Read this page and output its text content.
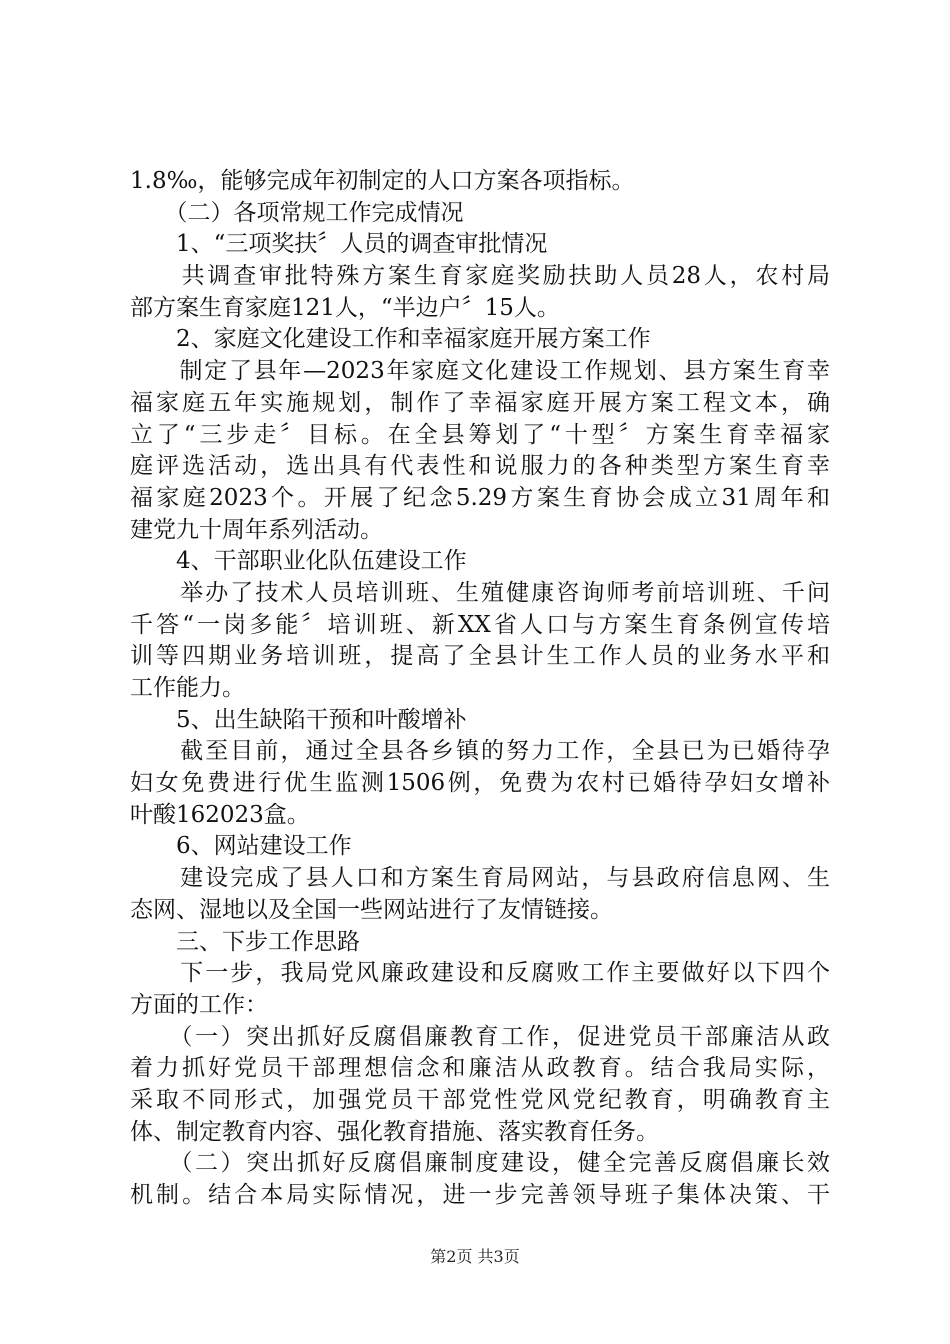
1.8‰，能够完成年初制定的人口方案各项指标。
　　（二）各项常规工作完成情况
　　1、“三项奖扶〞人员的调查审批情况
　　共调查审批特殊方案生育家庭奖励扶助人员28人，农村局
部方案生育家庭121人，“半边户〞15人。
　　2、家庭文化建设工作和幸福家庭开展方案工作
　　制定了县年—2023年家庭文化建设工作规划、县方案生育幸
福家庭五年实施规划，制作了幸福家庭开展方案工程文本，确
立了“三步走〞目标。在全县筹划了“十型〞方案生育幸福家
庭评选活动，选出具有代表性和说服力的各种类型方案生育幸
福家庭2023个。开展了纪念5.29方案生育协会成立31周年和
建党九十周年系列活动。
　　4、干部职业化队伍建设工作
　　举办了技术人员培训班、生殖健康咨询师考前培训班、千问
千答“一岗多能〞培训班、新XX省人口与方案生育条例宣传培
训等四期业务培训班，提高了全县计生工作人员的业务水平和
工作能力。
　　5、出生缺陷干预和叶酸增补
　　截至目前，通过全县各乡镇的努力工作，全县已为已婚待孕
妇女免费进行优生监测1506例，免费为农村已婚待孕妇女增补
叶酸162023盒。
　　6、网站建设工作
　　建设完成了县人口和方案生育局网站，与县政府信息网、生
态网、湿地以及全国一些网站进行了友情链接。
　　三、下步工作思路
　　下一步，我局党风廉政建设和反腐败工作主要做好以下四个
方面的工作：
　　（一）突出抓好反腐倡廉教育工作，促进党员干部廉洁从政
着力抓好党员干部理想信念和廉洁从政教育。结合我局实际，
采取不同形式，加强党员干部党性党风党纪教育，明确教育主
体、制定教育内容、强化教育措施、落实教育任务。
　　（二）突出抓好反腐倡廉制度建设，健全完善反腐倡廉长效
机制。结合本局实际情况，进一步完善领导班子集体决策、干
第2页 共3页
